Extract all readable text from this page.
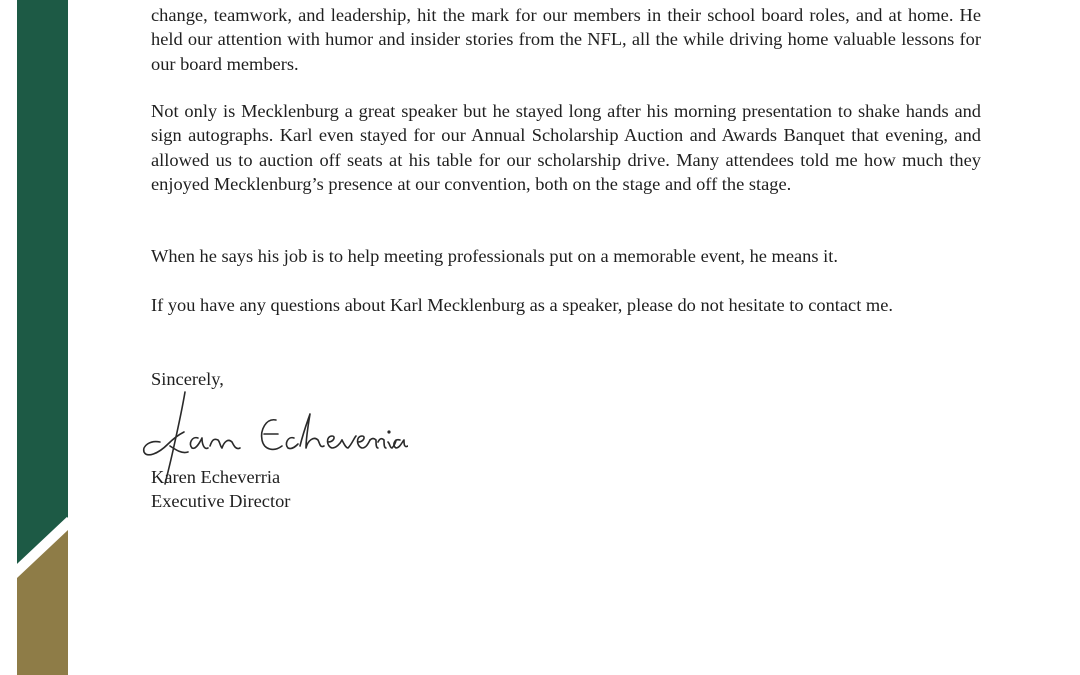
change, teamwork, and leadership, hit the mark for our members in their school board roles, and at home. He held our attention with humor and insider stories from the NFL, all the while driving home valuable lessons for our board members.

Not only is Mecklenburg a great speaker but he stayed long after his morning presentation to shake hands and sign autographs. Karl even stayed for our Annual Scholarship Auction and Awards Banquet that evening, and allowed us to auction off seats at his table for our scholarship drive. Many attendees told me how much they enjoyed Mecklenburg’s presence at our convention, both on the stage and off the stage.

When he says his job is to help meeting professionals put on a memorable event, he means it.

If you have any questions about Karl Mecklenburg as a speaker, please do not hesitate to contact me.

Sincerely,
Karen Echeverria
Executive Director
